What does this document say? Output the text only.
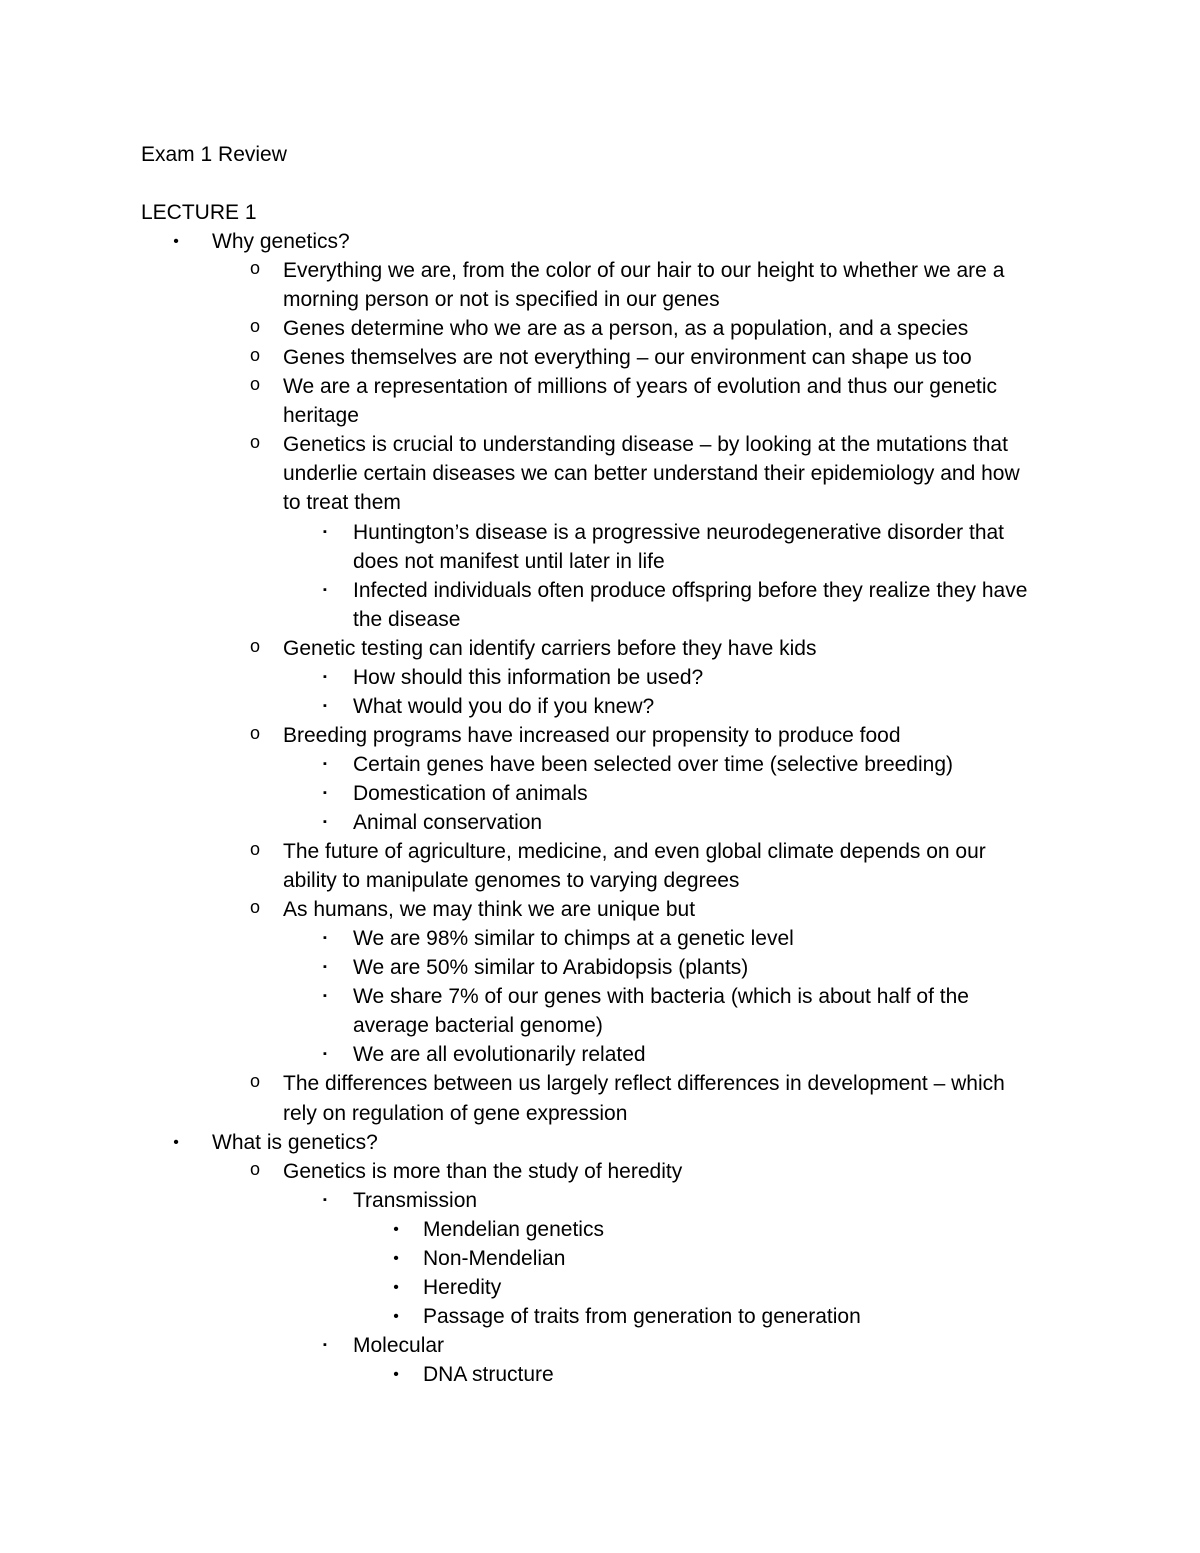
Exam 1 Review
LECTURE 1
• Why genetics?
o Everything we are, from the color of our hair to our height to whether we are a
morning person or not is specified in our genes
o Genes determine who we are as a person, as a population, and a species
o Genes themselves are not everything – our environment can shape us too
o We are a representation of millions of years of evolution and thus our genetic
heritage
o Genetics is crucial to understanding disease – by looking at the mutations that
underlie certain diseases we can better understand their epidemiology and how
to treat them
▪ Huntington’s disease is a progressive neurodegenerative disorder that
does not manifest until later in life
▪ Infected individuals often produce offspring before they realize they have
the disease
o Genetic testing can identify carriers before they have kids
▪ How should this information be used?
▪ What would you do if you knew?
o Breeding programs have increased our propensity to produce food
▪ Certain genes have been selected over time (selective breeding)
▪ Domestication of animals
▪ Animal conservation
o The future of agriculture, medicine, and even global climate depends on our
ability to manipulate genomes to varying degrees
o As humans, we may think we are unique but
▪ We are 98% similar to chimps at a genetic level
▪ We are 50% similar to Arabidopsis (plants)
▪ We share 7% of our genes with bacteria (which is about half of the
average bacterial genome)
▪ We are all evolutionarily related
o The differences between us largely reflect differences in development – which
rely on regulation of gene expression
• What is genetics?
o Genetics is more than the study of heredity
▪ Transmission
• Mendelian genetics
• Non-Mendelian
• Heredity
• Passage of traits from generation to generation
▪ Molecular
• DNA structure
